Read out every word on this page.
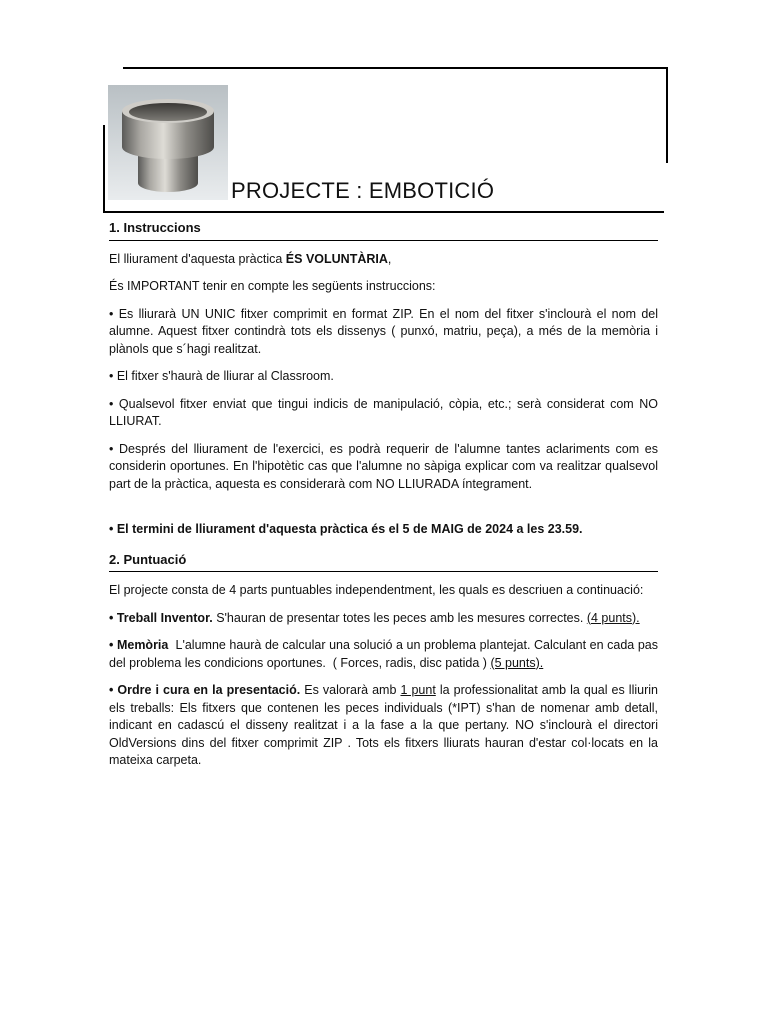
PROJECTE : EMBOTICIÓ
1. Instruccions

El lliurament d'aquesta pràctica ÉS VOLUNTÀRIA,

És IMPORTANT tenir en compte les següents instruccions:

• Es lliurarà UN UNIC fitxer comprimit en format ZIP. En el nom del fitxer s'inclourà el nom del alumne. Aquest fitxer contindrà tots els dissenys ( punxó, matriu, peça), a més de la memòria i plànols que s´hagi realitzat.

• El fitxer s'haurà de lliurar al Classroom.

• Qualsevol fitxer enviat que tingui indicis de manipulació, còpia, etc.; serà considerat com NO LLIURAT.

• Després del lliurament de l'exercici, es podrà requerir de l'alumne tantes aclariments com es considerin oportunes. En l'hipotètic cas que l'alumne no sàpiga explicar com va realitzar qualsevol part de la pràctica, aquesta es considerarà com NO LLIURADA íntegrament.

• El termini de lliurament d'aquesta pràctica és el 5 de MAIG de 2024 a les 23.59.

2. Puntuació

El projecte consta de 4 parts puntuables independentment, les quals es descriuen a continuació:

• Treball Inventor. S'hauran de presentar totes les peces amb les mesures correctes. (4 punts).

• Memòria  L'alumne haurà de calcular una solució a un problema plantejat. Calculant en cada pas del problema les condicions oportunes.  ( Forces, radis, disc patida ) (5 punts).

• Ordre i cura en la presentació. Es valorarà amb 1 punt la professionalitat amb la qual es lliurin els treballs: Els fitxers que contenen les peces individuals (*IPT) s'han de nomenar amb detall, indicant en cadascú el disseny realitzat i a la fase a la que pertany. NO s'inclourà el directori OldVersions dins del fitxer comprimit ZIP . Tots els fitxers lliurats hauran d'estar col·locats en la mateixa carpeta.
